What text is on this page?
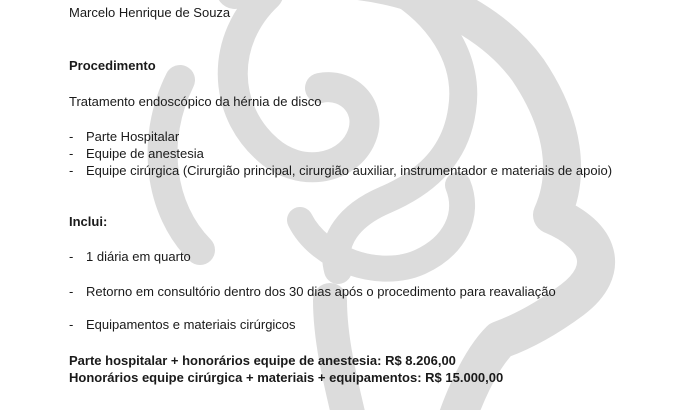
Marcelo Henrique de Souza
Procedimento
Tratamento endoscópico da hérnia de disco
- Parte Hospitalar
- Equipe de anestesia
- Equipe cirúrgica (Cirurgião principal, cirurgião auxiliar, instrumentador e materiais de apoio)
Inclui:
- 1 diária em quarto
- Retorno em consultório dentro dos 30 dias após o procedimento para reavaliação
- Equipamentos e materiais cirúrgicos
Parte hospitalar + honorários equipe de anestesia: R$ 8.206,00
Honorários equipe cirúrgica + materiais + equipamentos: R$ 15.000,00
